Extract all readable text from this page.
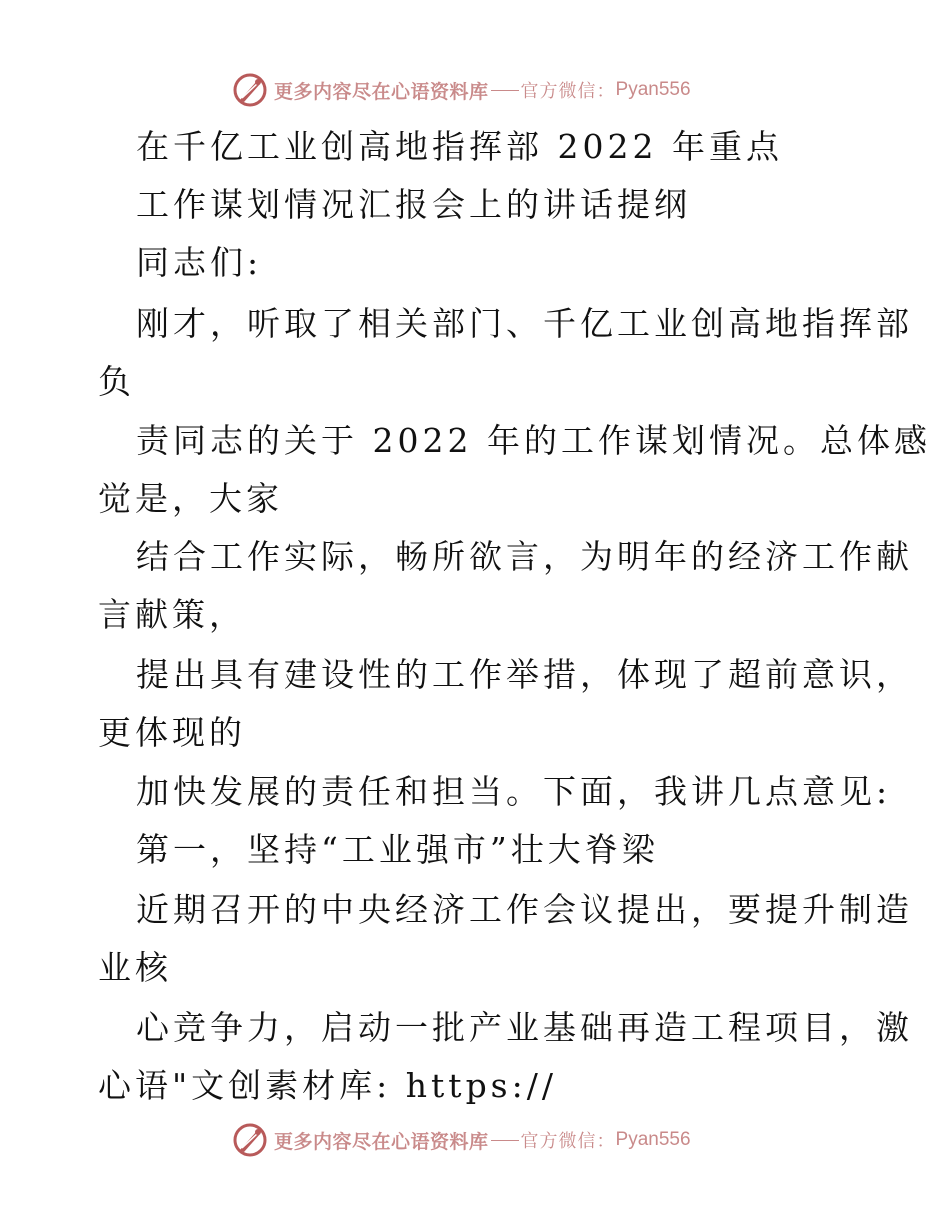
更多内容尽在心语资料库 官方微信： Pyan556
在千亿工业创高地指挥部 2022 年重点
工作谋划情况汇报会上的讲话提纲
同志们:
刚才，听取了相关部门、千亿工业创高地指挥部
负
责同志的关于 2022 年的工作谋划情况。总体感
觉是，大家
结合工作实际，畅所欲言，为明年的经济工作献
言献策，
提出具有建设性的工作举措，体现了超前意识，
更体现的
加快发展的责任和担当。下面，我讲几点意见:
第一，坚持“工业强市”壮大脊梁
近期召开的中央经济工作会议提出，要提升制造
业核
心竞争力，启动一批产业基础再造工程项目，激
心语"文创素材库: https://
更多内容尽在心语资料库 官方微信： Pyan556
